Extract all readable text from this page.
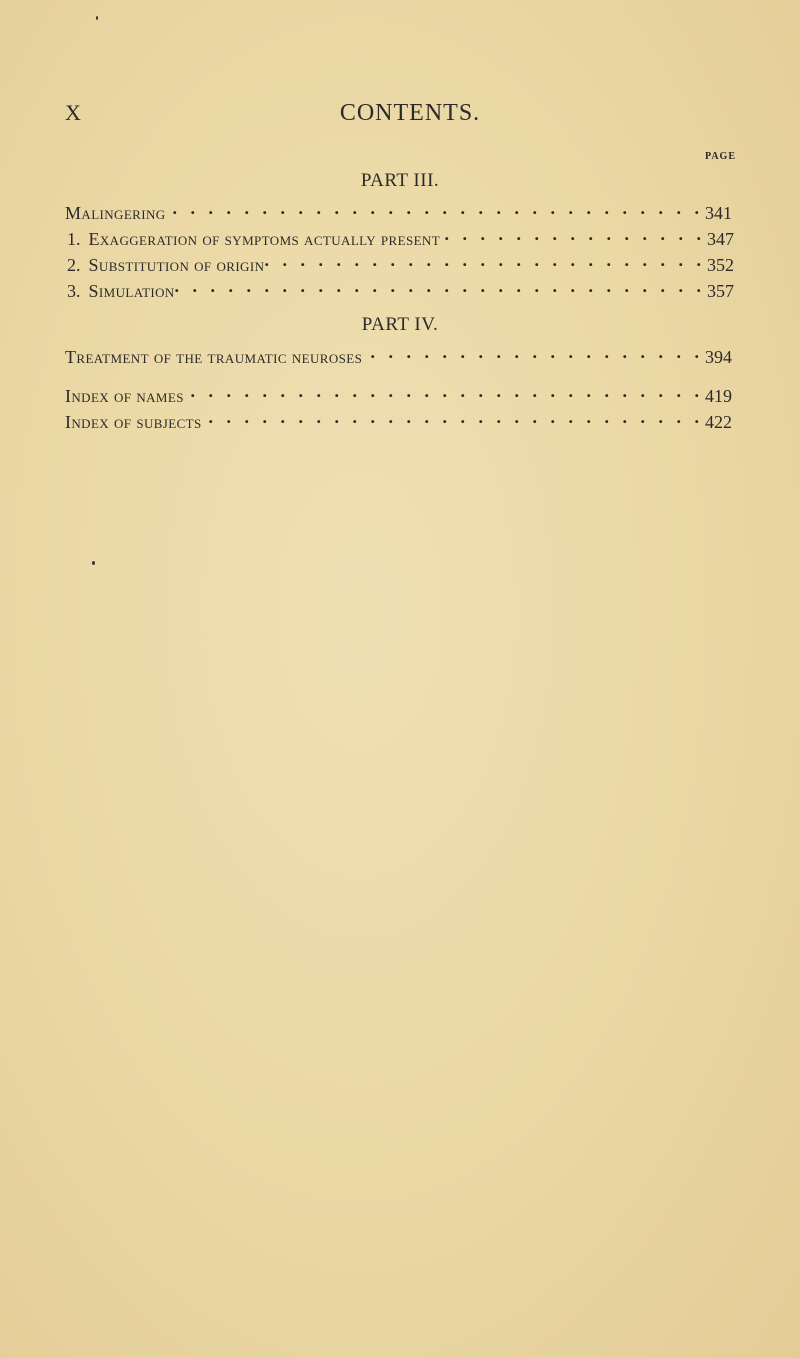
X	CONTENTS.
PAGE
PART III.
Malingering . .	341
1. Exaggeration of symptoms actually present . .	347
2. Substitution of origin . .	352
3. Simulation . .	357
PART IV.
Treatment of the traumatic neuroses . .	394
Index of names . .	419
Index of subjects . .	422
